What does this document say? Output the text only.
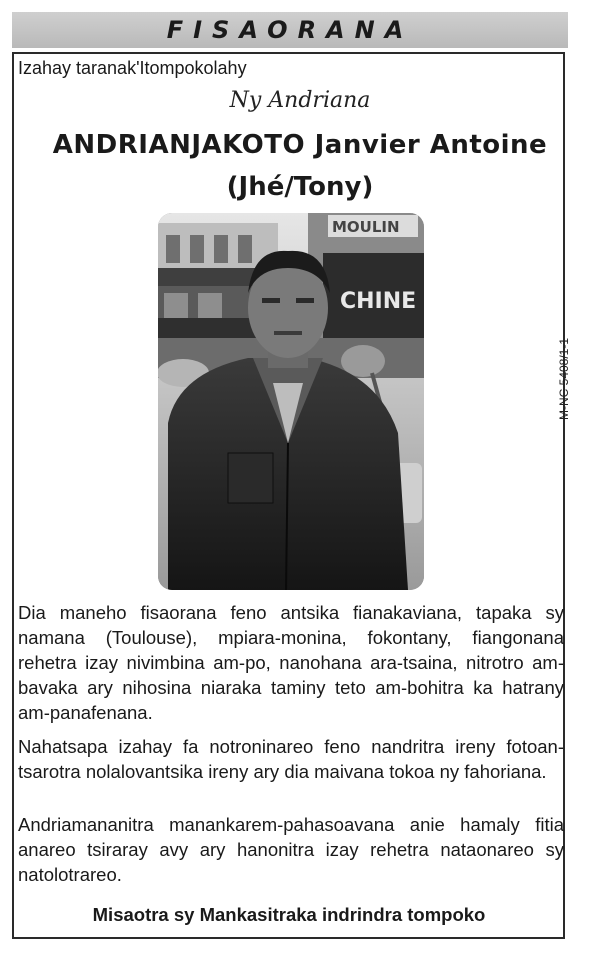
FISAORANA
Izahay taranak'Itompokolahy
Ny Andriana
ANDRIANJAKOTO Janvier Antoine
(Jhé/Tony)
MOULIN
CHINE
M-NC 5408/1-1
Dia maneho fisaorana feno antsika fianakaviana, tapaka sy namana (Toulouse), mpiara-monina, fokontany, fiangonana rehetra izay nivimbina am-po, nanohana ara-tsaina, nitrotro am-bavaka ary nihosina niaraka taminy teto am-bohitra ka hatrany am-panafenana.
Nahatsapa izahay fa notroninareo feno nandritra ireny fotoan-tsarotra nolalovantsika ireny ary dia maivana tokoa ny fahoriana.
Andriamananitra manankarem-pahasoavana anie hamaly fitia anareo tsiraray avy ary hanonitra izay rehetra nataonareo sy natolotrareo.
Misaotra sy Mankasitraka indrindra tompoko
